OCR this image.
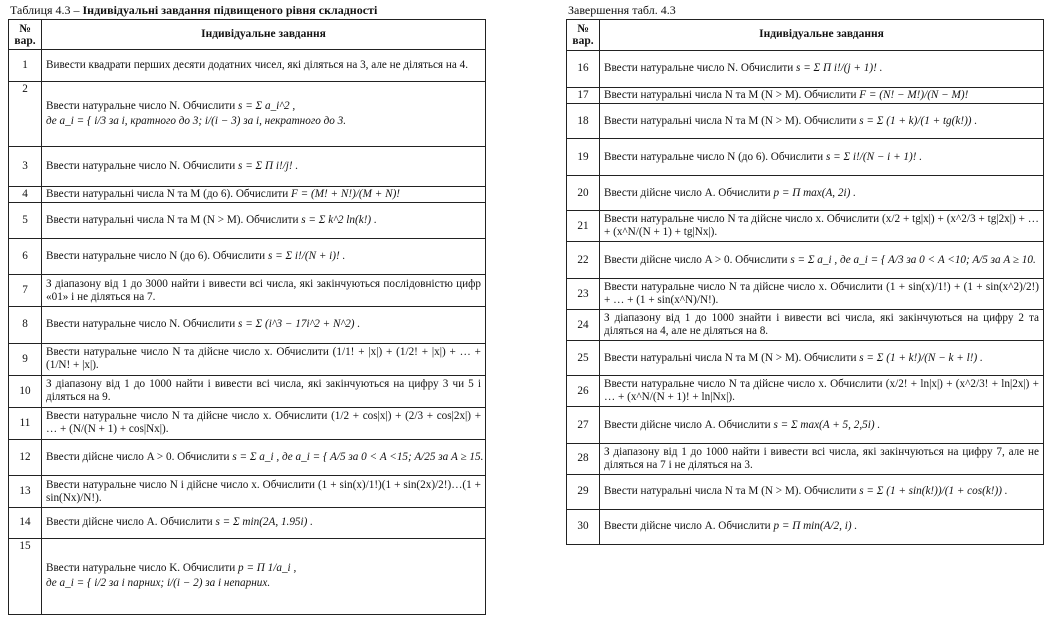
Таблиця 4.3 – Індивідуальні завдання підвищеного рівня складності	Завершення табл. 4.3
№ вар.	Індивідуальне завдання
1	Вивести квадрати перших десяти додатних чисел, які діляться на 3, але не діляться на 4.

2	Ввести натуральне число N. Обчислити s = Σ a_i^2 ,
де a_i = { i/3 за i, кратного до 3; i/(i − 3) за i, некратного до 3.

3	Ввести натуральне число N. Обчислити s = Σ Π i!/j! .

4	Ввести натуральні числа N та M (до 6). Обчислити F = (M! + N!)/(M + N)!

5	Ввести натуральні числа N та M (N > M). Обчислити s = Σ k^2 ln(k!) .

6	Ввести натуральне число N (до 6). Обчислити s = Σ i!/(N + i)! .

7	З діапазону від 1 до 3000 найти і вивести всі числа, які закінчуються послідовністю цифр «01» і не діляться на 7.

8	Ввести натуральне число N. Обчислити s = Σ (i^3 − 17i^2 + N^2) .

9	Ввести натуральне число N та дійсне число x. Обчислити (1/1! + |x|) + (1/2! + |x|) + … + (1/N! + |x|).

10	З діапазону від 1 до 1000 найти і вивести всі числа, які закінчуються на цифру 3 чи 5 і діляться на 9.

11	Ввести натуральне число N та дійсне число x. Обчислити (1/2 + cos|x|) + (2/3 + cos|2x|) + … + (N/(N + 1) + cos|Nx|).

12	Ввести дійсне число A > 0. Обчислити s = Σ a_i , де a_i = { A/5 за 0 < A <15; A/25 за A ≥ 15.

13	Ввести натуральне число N і дійсне число x. Обчислити (1 + sin(x)/1!)(1 + sin(2x)/2!)…(1 + sin(Nx)/N!).

14	Ввести дійсне число A. Обчислити s = Σ min(2A, 1.95i) .

15	Ввести натуральне число K. Обчислити p = Π 1/a_i ,
де a_i = { i/2 за i парних; i/(i − 2) за i непарних.
№ вар.	Індивідуальне завдання
16	Ввести натуральне число N. Обчислити s = Σ Π i!/(j + 1)! .

17	Ввести натуральні числа N та M (N > M). Обчислити F = (N! − M!)/(N − M)!

18	Ввести натуральні числа N та M (N > M). Обчислити s = Σ (1 + k)/(1 + tg(k!)) .

19	Ввести натуральне число N (до 6). Обчислити s = Σ i!/(N − i + 1)! .

20	Ввести дійсне число A. Обчислити p = Π max(A, 2i) .

21	Ввести натуральне число N та дійсне число x. Обчислити (x/2 + tg|x|) + (x^2/3 + tg|2x|) + … + (x^N/(N + 1) + tg|Nx|).

22	Ввести дійсне число A > 0. Обчислити s = Σ a_i , де a_i = { A/3 за 0 < A <10; A/5 за A ≥ 10.

23	Ввести натуральне число N та дійсне число x. Обчислити (1 + sin(x)/1!) + (1 + sin(x^2)/2!) + … + (1 + sin(x^N)/N!).

24	З діапазону від 1 до 1000 знайти і вивести всі числа, які закінчуються на цифру 2 та діляться на 4, але не діляться на 8.

25	Ввести натуральні числа N та M (N > M). Обчислити s = Σ (1 + k!)/(N − k + l!) .

26	Ввести натуральне число N та дійсне число x. Обчислити (x/2! + ln|x|) + (x^2/3! + ln|2x|) + … + (x^N/(N + 1)! + ln|Nx|).

27	Ввести дійсне число А. Обчислити s = Σ max(A + 5, 2,5i) .

28	З діапазону від 1 до 1000 найти і вивести всі числа, які закінчуються на цифру 7, але не діляться на 7 і не діляться на 3.

29	Ввести натуральні числа N та M (N > M). Обчислити s = Σ (1 + sin(k!))/(1 + cos(k!)) .

30	Ввести дійсне число А. Обчислити p = Π min(A/2, i) .
